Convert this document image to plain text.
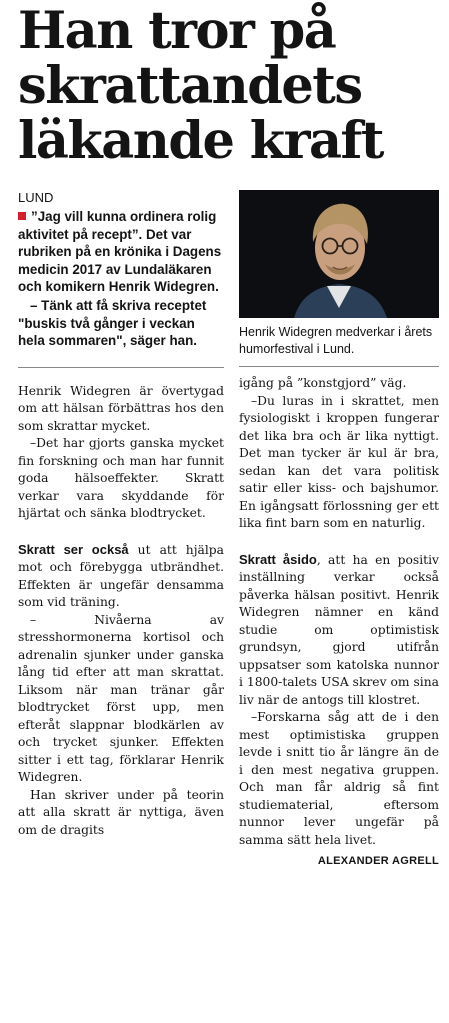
Han tror på
skrattandets
läkande kraft
LUND

”Jag vill kunna ordinera rolig aktivitet på recept”. Det var rubriken på en krönika i Dagens medicin 2017 av Lundaläkaren och komikern Henrik Widegren.

– Tänk att få skriva receptet "buskis två gånger i veckan hela sommaren", säger han.

Henrik Widegren är övertygad om att hälsan förbättras hos den som skrattar mycket.

–Det har gjorts ganska mycket fin forskning och man har funnit goda hälsoeffekter. Skratt verkar vara skyddande för hjärtat och sänka blodtrycket.

Skratt ser också ut att hjälpa mot och förebygga utbrändhet. Effekten är ungefär densamma som vid träning.

– Nivåerna av stresshormonerna kortisol och adrenalin sjunker under ganska lång tid efter att man skrattat. Liksom när man tränar går blodtrycket först upp, men efteråt slappnar blodkärlen av och trycket sjunker. Effekten sitter i ett tag, förklarar Henrik Widegren.

Han skriver under på teorin att alla skratt är nyttiga, även om de dragits

Henrik Widegren medverkar i årets humorfestival i Lund.

igång på ”konstgjord” väg.

–Du luras in i skrattet, men fysiologiskt i kroppen fungerar det lika bra och är lika nyttigt. Det man tycker är kul är bra, sedan kan det vara politisk satir eller kiss- och bajshumor. En igångsatt förlossning ger ett lika fint barn som en naturlig.

Skratt åsido, att ha en positiv inställning verkar också påverka hälsan positivt. Henrik Widegren nämner en känd studie om optimistisk grundsyn, gjord utifrån uppsatser som katolska nunnor i 1800-talets USA skrev om sina liv när de antogs till klostret.

–Forskarna såg att de i den mest optimistiska gruppen levde i snitt tio år längre än de i den mest negativa gruppen. Och man får aldrig så fint studiematerial, eftersom nunnor lever ungefär på samma sätt hela livet.

ALEXANDER AGRELL
